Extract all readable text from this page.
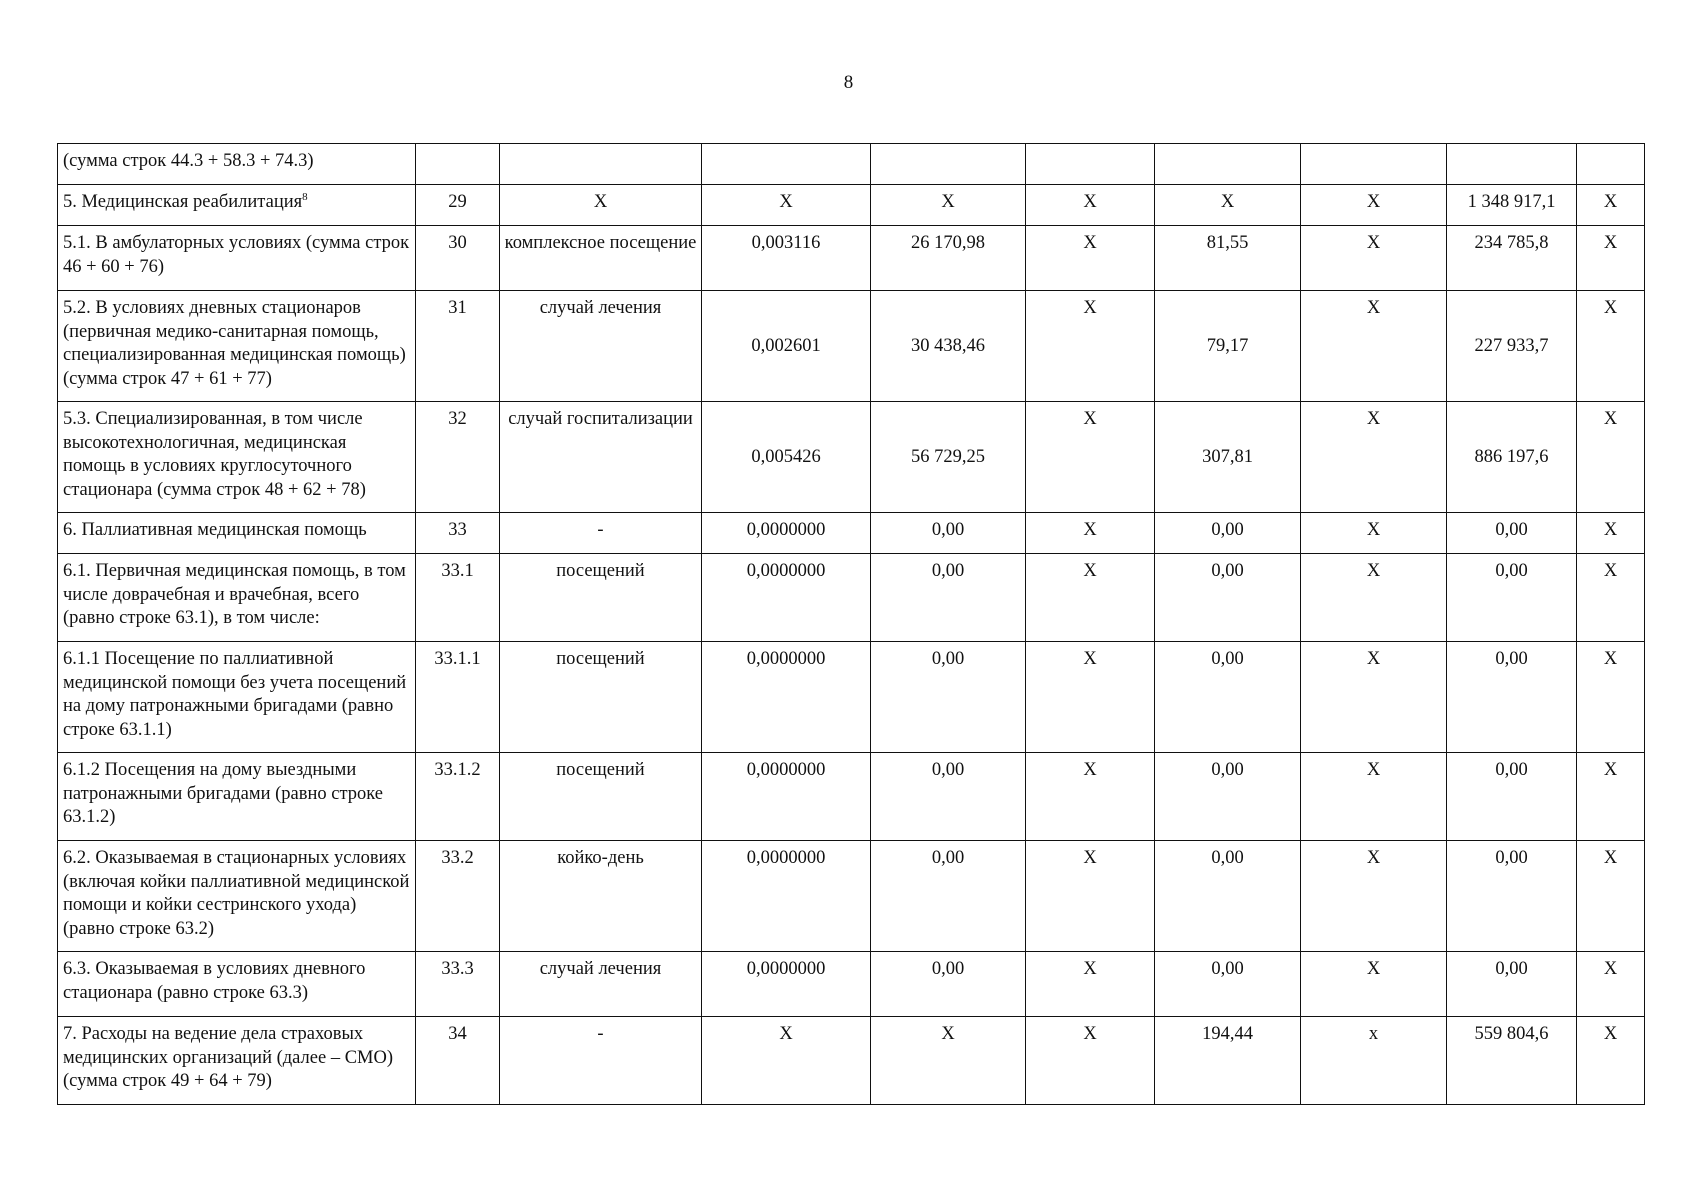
8
(сумма строк 44.3 + 58.3 + 74.3)									
5. Медицинская реабилитация$^8$	29	X	X	X	X	X	X	1 348 917,1	X
5.1. В амбулаторных условиях (сумма строк 46 + 60 + 76)	30	комплексное посещение	0,003116	26 170,98	X	81,55	X	234 785,8	X
5.2. В условиях дневных стационаров (первичная медико-санитарная помощь, специализированная медицинская помощь) (сумма строк 47 + 61 + 77)	31	случай лечения	0,002601	30 438,46	X	79,17	X	227 933,7	X
5.3. Специализированная, в том числе высокотехнологичная, медицинская помощь в условиях круглосуточного стационара (сумма строк 48 + 62 + 78)	32	случай госпитализации	0,005426	56 729,25	X	307,81	X	886 197,6	X
6. Паллиативная медицинская помощь	33	-	0,0000000	0,00	X	0,00	X	0,00	X
6.1. Первичная медицинская помощь, в том числе доврачебная и врачебная, всего (равно строке 63.1), в том числе:	33.1	посещений	0,0000000	0,00	X	0,00	X	0,00	X
6.1.1 Посещение по паллиативной медицинской помощи без учета посещений на дому патронажными бригадами (равно строке 63.1.1)	33.1.1	посещений	0,0000000	0,00	X	0,00	X	0,00	X
6.1.2 Посещения на дому выездными патронажными бригадами (равно строке 63.1.2)	33.1.2	посещений	0,0000000	0,00	X	0,00	X	0,00	X
6.2. Оказываемая в стационарных условиях (включая койки паллиативной медицинской помощи и койки сестринского ухода) (равно строке 63.2)	33.2	койко-день	0,0000000	0,00	X	0,00	X	0,00	X
6.3. Оказываемая в условиях дневного стационара (равно строке 63.3)	33.3	случай лечения	0,0000000	0,00	X	0,00	X	0,00	X
7. Расходы на ведение дела страховых медицинских организаций (далее – СМО) (сумма строк 49 + 64 + 79)	34	-	X	X	X	194,44	х	559 804,6	X
